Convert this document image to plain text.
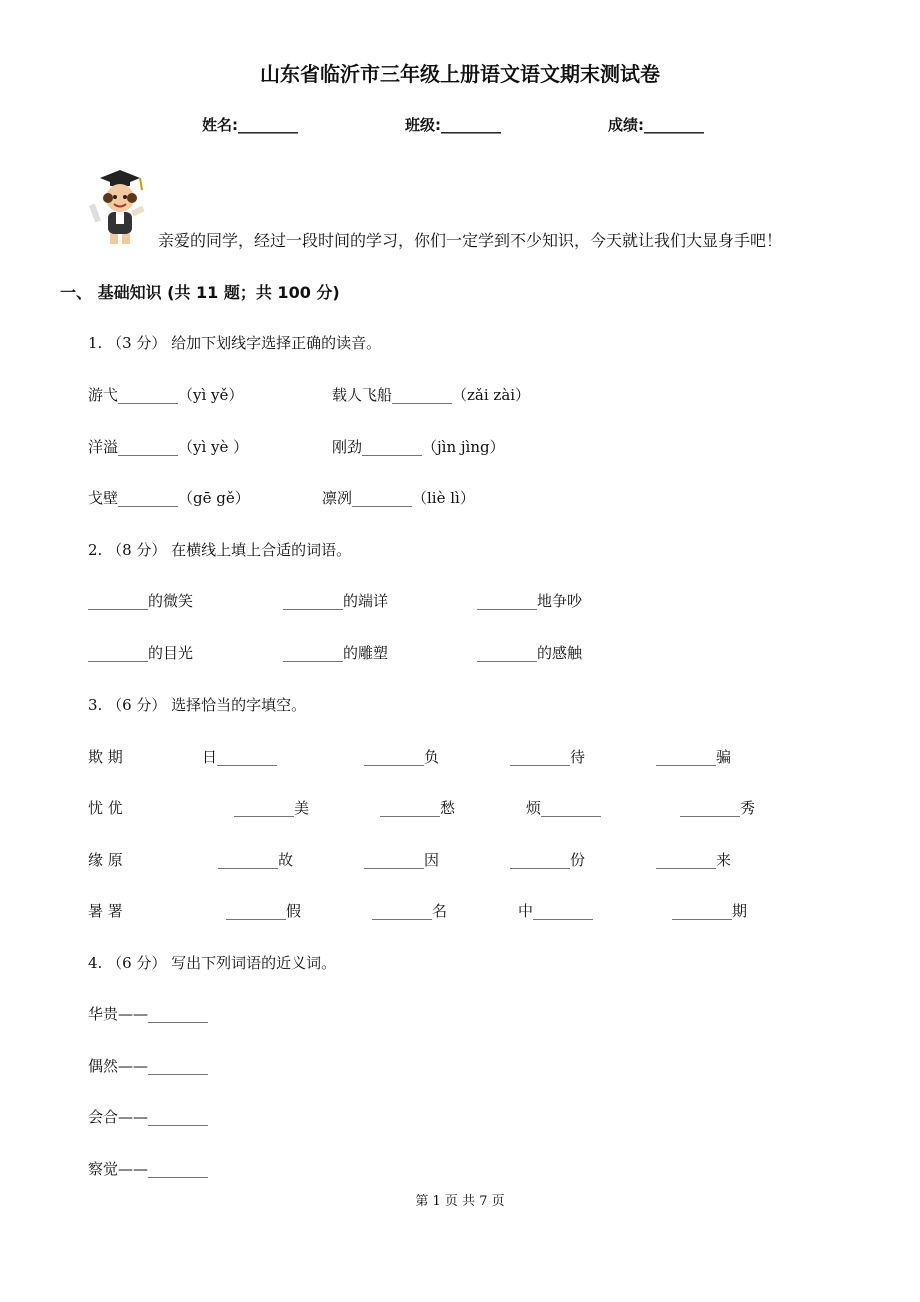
山东省临沂市三年级上册语文语文期末测试卷
姓名:________	班级:________	成绩:________
亲爱的同学，经过一段时间的学习，你们一定学到不少知识，今天就让我们大显身手吧！
一、 基础知识 (共 11 题；共 100 分)
1. （3 分） 给加下划线字选择正确的读音。
游弋________（yì yě）	载人飞船________（zǎi zài）
洋溢________（yì yè ）	刚劲________（jìn jìng）
戈壁________（gē gě）	凛冽________（liè lì）
2. （8 分） 在横线上填上合适的词语。
________的微笑	________的端详	________地争吵
________的目光	________的雕塑	________的感触
3. （6 分） 选择恰当的字填空。
欺 期	日________	________负	________待	________骗
忧 优	________美	________愁	烦________	________秀
缘 原	________故	________因	________份	________来
暑 署	________假	________名	中________	________期
4. （6 分） 写出下列词语的近义词。
华贵——________
偶然——________
会合——________
察觉——________
第 1 页 共 7 页
